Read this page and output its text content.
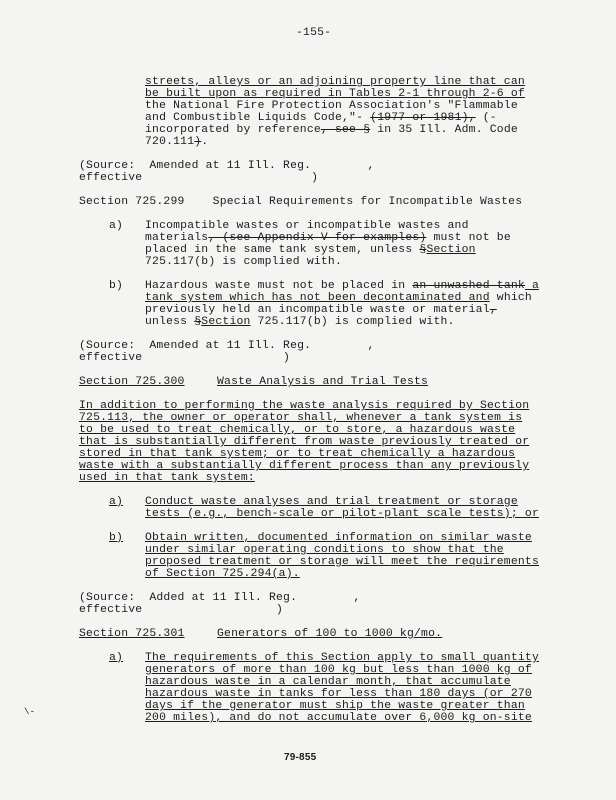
-155-
streets, alleys or an adjoining property line that can
be built upon as required in Tables 2-1 through 2-6 of
the National Fire Protection Association's "Flammable
and Combustible Liquids Code,"- (1977 or 1981), (-
incorporated by reference, see § in 35 Ill. Adm. Code
720.111).
(Source:  Amended at 11 Ill. Reg.        ,
effective                        )
Section 725.299    Special Requirements for Incompatible Wastes
a) Incompatible wastes or incompatible wastes and
materials, (see Appendix V for examples) must not be
placed in the same tank system, unless §Section
725.117(b) is complied with.
b) Hazardous waste must not be placed in an unwashed tank a
tank system which has not been decontaminated and which
previously held an incompatible waste or material,
unless §Section 725.117(b) is complied with.
(Source:  Amended at 11 Ill. Reg.        ,
effective                    )
Section 725.300	Waste Analysis and Trial Tests
In addition to performing the waste analysis required by Section
725.113, the owner or operator shall, whenever a tank system is
to be used to treat chemically, or to store, a hazardous waste
that is substantially different from waste previously treated or
stored in that tank system; or to treat chemically a hazardous
waste with a substantially different process than any previously
used in that tank system:
a) Conduct waste analyses and trial treatment or storage
tests (e.g., bench-scale or pilot-plant scale tests); or
b) Obtain written, documented information on similar waste
under similar operating conditions to show that the
proposed treatment or storage will meet the requirements
of Section 725.294(a).
(Source:  Added at 11 Ill. Reg.        ,
effective                   )
Section 725.301	Generators of 100 to 1000 kg/mo.
a) The requirements of this Section apply to small quantity
generators of more than 100 kg but less than 1000 kg of
hazardous waste in a calendar month, that accumulate
hazardous waste in tanks for less than 180 days (or 270
days if the generator must ship the waste greater than
200 miles), and do not accumulate over 6,000 kg on-site
\-
79-855
